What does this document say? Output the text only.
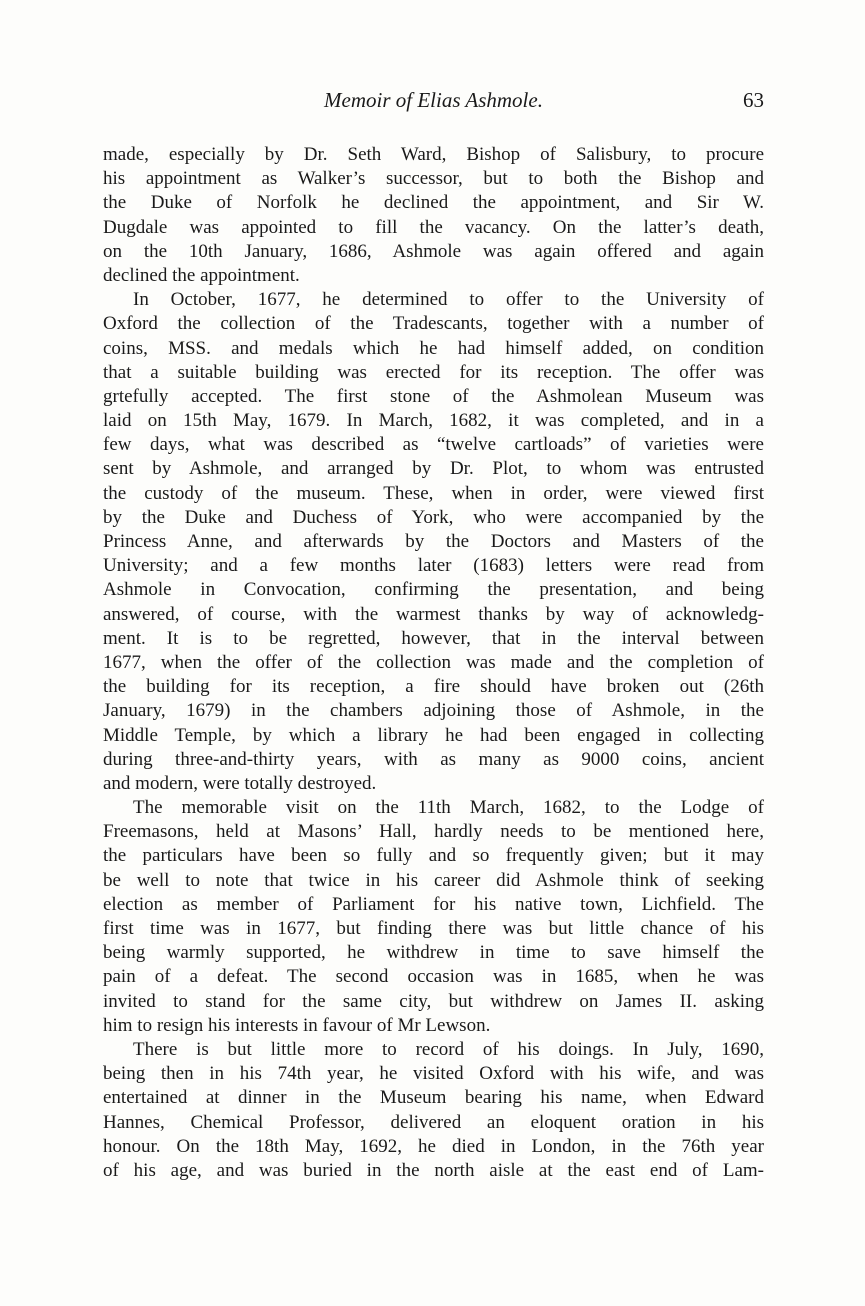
Memoir of Elias Ashmole.	63
made, especially by Dr. Seth Ward, Bishop of Salisbury, to procure
his appointment as Walker’s successor, but to both the Bishop and
the Duke of Norfolk he declined the appointment, and Sir W.
Dugdale was appointed to fill the vacancy. On the latter’s death,
on the 10th January, 1686, Ashmole was again offered and again
declined the appointment.
In October, 1677, he determined to offer to the University of
Oxford the collection of the Tradescants, together with a number of
coins, MSS. and medals which he had himself added, on condition
that a suitable building was erected for its reception. The offer was
grtefully accepted. The first stone of the Ashmolean Museum was
laid on 15th May, 1679. In March, 1682, it was completed, and in a
few days, what was described as “twelve cartloads” of varieties were
sent by Ashmole, and arranged by Dr. Plot, to whom was entrusted
the custody of the museum. These, when in order, were viewed first
by the Duke and Duchess of York, who were accompanied by the
Princess Anne, and afterwards by the Doctors and Masters of the
University; and a few months later (1683) letters were read from
Ashmole in Convocation, confirming the presentation, and being
answered, of course, with the warmest thanks by way of acknowledg-
ment. It is to be regretted, however, that in the interval between
1677, when the offer of the collection was made and the completion of
the building for its reception, a fire should have broken out (26th
January, 1679) in the chambers adjoining those of Ashmole, in the
Middle Temple, by which a library he had been engaged in collecting
during three-and-thirty years, with as many as 9000 coins, ancient
and modern, were totally destroyed.
The memorable visit on the 11th March, 1682, to the Lodge of
Freemasons, held at Masons’ Hall, hardly needs to be mentioned here,
the particulars have been so fully and so frequently given; but it may
be well to note that twice in his career did Ashmole think of seeking
election as member of Parliament for his native town, Lichfield. The
first time was in 1677, but finding there was but little chance of his
being warmly supported, he withdrew in time to save himself the
pain of a defeat. The second occasion was in 1685, when he was
invited to stand for the same city, but withdrew on James II. asking
him to resign his interests in favour of Mr Lewson.
There is but little more to record of his doings. In July, 1690,
being then in his 74th year, he visited Oxford with his wife, and was
entertained at dinner in the Museum bearing his name, when Edward
Hannes, Chemical Professor, delivered an eloquent oration in his
honour. On the 18th May, 1692, he died in London, in the 76th year
of his age, and was buried in the north aisle at the east end of Lam-
